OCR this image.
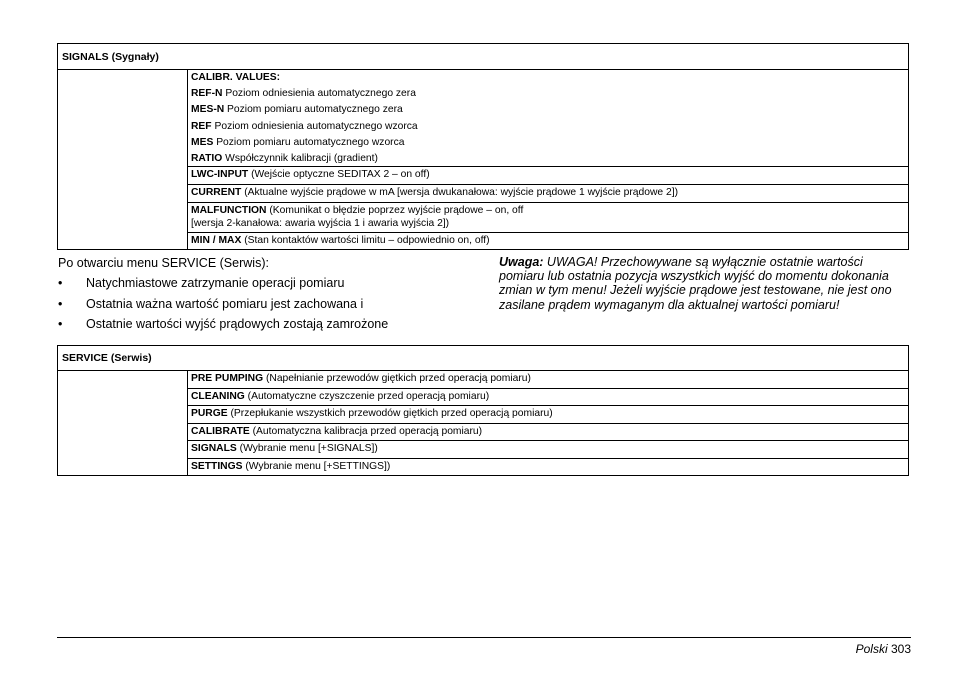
SIGNALS (Sygnały)
CALIBR. VALUES:
REF-N Poziom odniesienia automatycznego zera
MES-N Poziom pomiaru automatycznego zera
REF Poziom odniesienia automatycznego wzorca
MES Poziom pomiaru automatycznego wzorca
RATIO Współczynnik kalibracji (gradient)
LWC-INPUT (Wejście optyczne SEDITAX 2 – on off)
CURRENT (Aktualne wyjście prądowe w mA [wersja dwukanałowa: wyjście prądowe 1 wyjście prądowe 2])
MALFUNCTION (Komunikat o błędzie poprzez wyjście prądowe – on, off
[wersja 2-kanałowa: awaria wyjścia 1 i awaria wyjścia 2])
MIN / MAX (Stan kontaktów wartości limitu – odpowiednio on, off)
Po otwarciu menu SERVICE (Serwis):
•	Natychmiastowe zatrzymanie operacji pomiaru
•	Ostatnia ważna wartość pomiaru jest zachowana i
•	Ostatnie wartości wyjść prądowych zostają zamrożone
Uwaga: UWAGA! Przechowywane są wyłącznie ostatnie wartości
pomiaru lub ostatnia pozycja wszystkich wyjść do momentu dokonania
zmian w tym menu! Jeżeli wyjście prądowe jest testowane, nie jest ono
zasilane prądem wymaganym dla aktualnej wartości pomiaru!
SERVICE (Serwis)
PRE PUMPING (Napełnianie przewodów giętkich przed operacją pomiaru)
CLEANING (Automatyczne czyszczenie przed operacją pomiaru)
PURGE (Przepłukanie wszystkich przewodów giętkich przed operacją pomiaru)
CALIBRATE (Automatyczna kalibracja przed operacją pomiaru)
SIGNALS (Wybranie menu [+SIGNALS])
SETTINGS (Wybranie menu [+SETTINGS])
Polski 303
